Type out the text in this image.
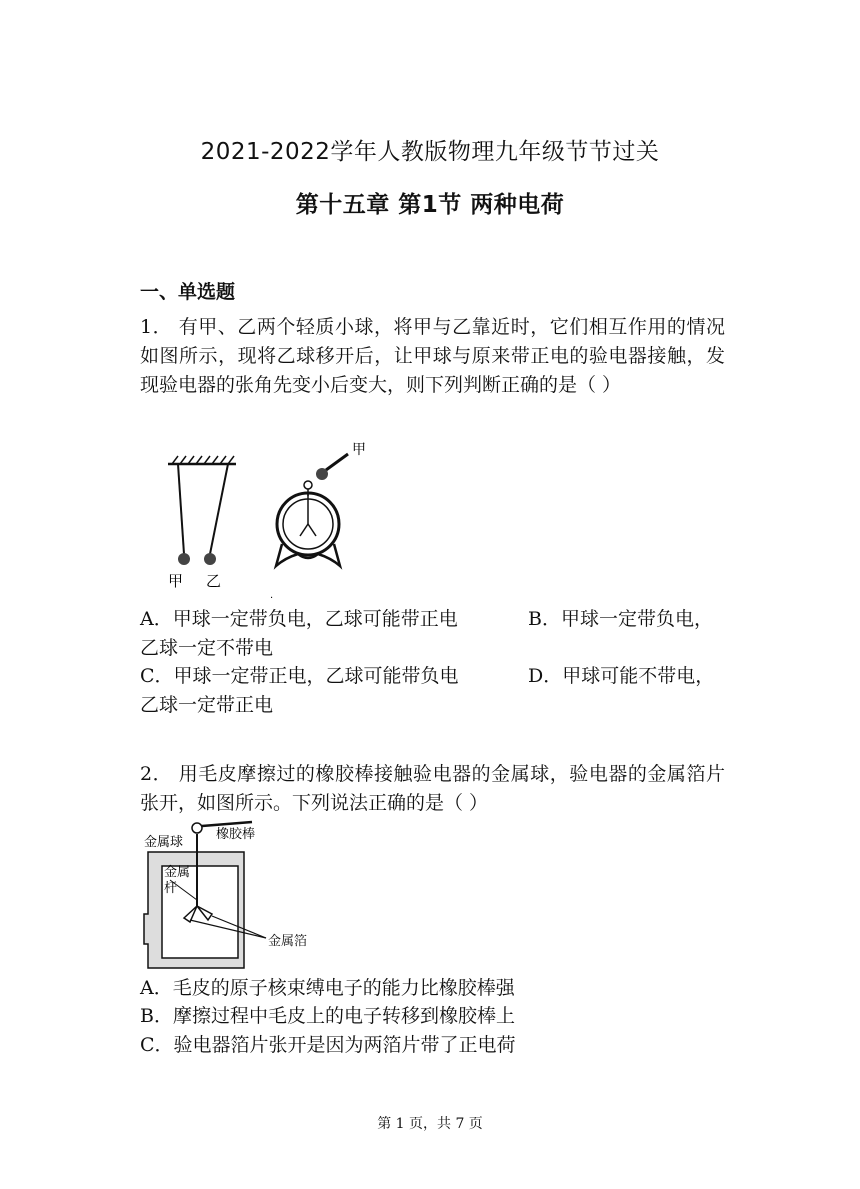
2021-2022学年人教版物理九年级节节过关
第十五章 第1节 两种电荷
一、单选题
1． 有甲、乙两个轻质小球，将甲与乙靠近时，它们相互作用的情况如图所示，现将乙球移开后，让甲球与原来带正电的验电器接触，发现验电器的张角先变小后变大，则下列判断正确的是（ ）
甲 乙
.
甲
A．甲球一定带负电，乙球可能带正电	B．甲球一定带负电，
乙球一定不带电
C．甲球一定带正电，乙球可能带负电	D．甲球可能不带电，
乙球一定带正电
2． 用毛皮摩擦过的橡胶棒接触验电器的金属球，验电器的金属箔片张开，如图所示。下列说法正确的是（ ）
金属球
橡胶棒
金属
杆
金属箔
A．毛皮的原子核束缚电子的能力比橡胶棒强
B．摩擦过程中毛皮上的电子转移到橡胶棒上
C．验电器箔片张开是因为两箔片带了正电荷
第 1 页，共 7 页
